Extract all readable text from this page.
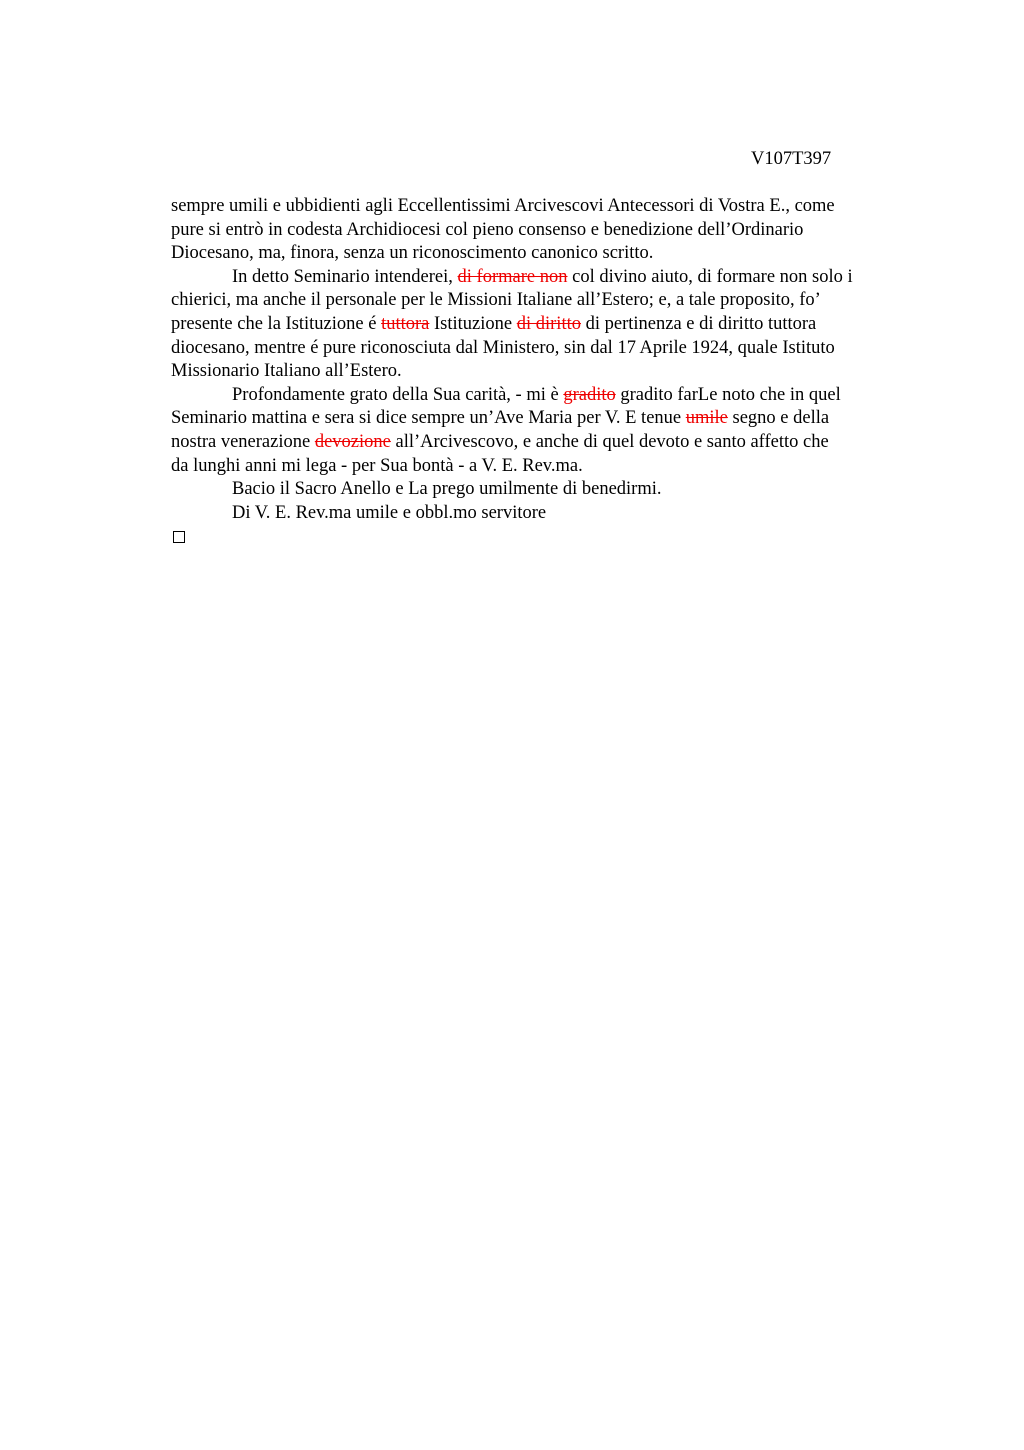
V107T397
sempre umili e ubbidienti agli Eccellentissimi Arcivescovi Antecessori di Vostra E., come
pure si entrò in codesta Archidiocesi col pieno consenso e benedizione dell’Ordinario
Diocesano, ma, finora, senza un riconoscimento canonico scritto.
In detto Seminario intenderei, di formare non col divino aiuto, di formare non solo i
chierici, ma anche il personale per le Missioni Italiane all’Estero; e, a tale proposito, fo’
presente che la Istituzione é tuttora Istituzione di diritto di pertinenza e di diritto tuttora
diocesano, mentre é pure riconosciuta dal Ministero, sin dal 17 Aprile 1924, quale Istituto
Missionario Italiano all’Estero.
Profondamente grato della Sua carità, - mi è gradito gradito farLe noto che in quel
Seminario mattina e sera si dice sempre un’Ave Maria per V. E tenue umile segno e della
nostra venerazione devozione all’Arcivescovo, e anche di quel devoto e santo affetto che
da lunghi anni mi lega - per Sua bontà - a V. E. Rev.ma.
Bacio il Sacro Anello e La prego umilmente di benedirmi.
Di V. E. Rev.ma umile e obbl.mo servitore
